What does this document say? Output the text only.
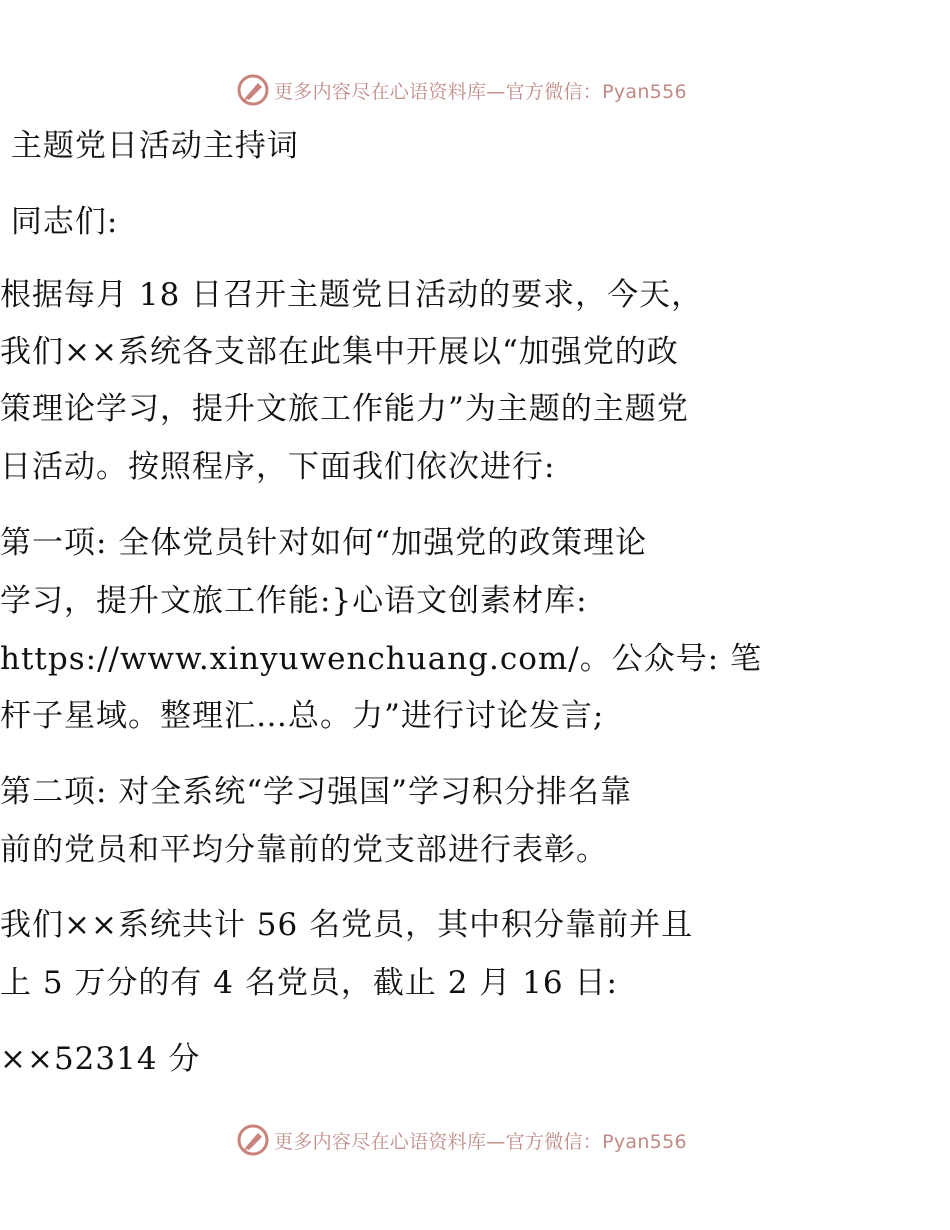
更多内容尽在心语资料库—官方微信：Pyan556

主题党日活动主持词

同志们:

根据每月 18 日召开主题党日活动的要求，今天，

我们××系统各支部在此集中开展以“加强党的政

策理论学习，提升文旅工作能力”为主题的主题党

日活动。按照程序，下面我们依次进行:

第一项: 全体党员针对如何“加强党的政策理论

学习，提升文旅工作能:}心语文创素材库:

https://www.xinyuwenchuang.com/。公众号: 笔

杆子星域。整理汇…总。力”进行讨论发言;

第二项: 对全系统“学习强国”学习积分排名靠

前的党员和平均分靠前的党支部进行表彰。

我们××系统共计 56 名党员，其中积分靠前并且

上 5 万分的有 4 名党员，截止 2 月 16 日:

××52314 分

更多内容尽在心语资料库—官方微信：Pyan556
